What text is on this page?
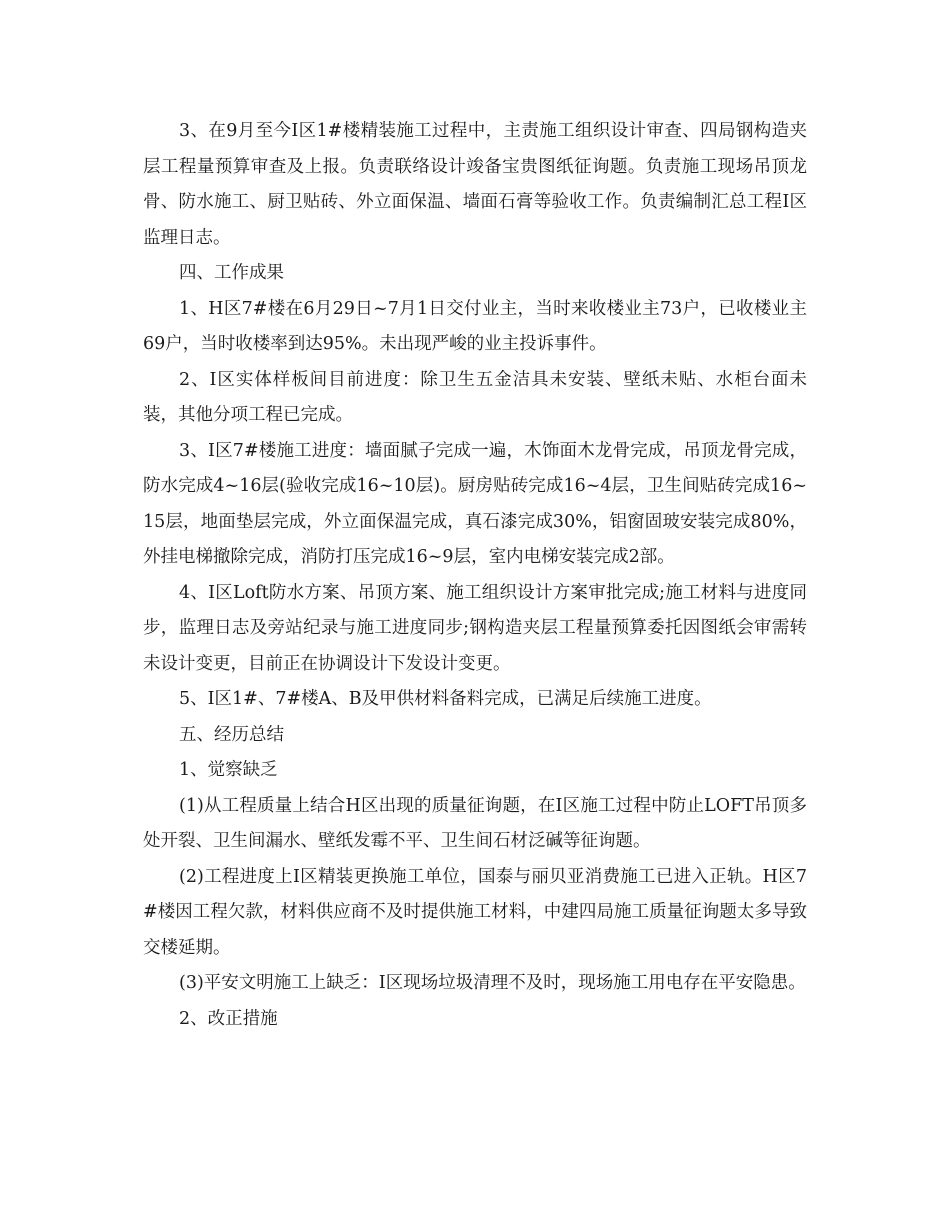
3、在9月至今I区1#楼精装施工过程中，主责施工组织设计审查、四局钢构造夹层工程量预算审查及上报。负责联络设计竣备宝贵图纸征询题。负责施工现场吊顶龙骨、防水施工、厨卫贴砖、外立面保温、墙面石膏等验收工作。负责编制汇总工程I区监理日志。

四、工作成果

1、H区7#楼在6月29日~7月1日交付业主，当时来收楼业主73户，已收楼业主69户，当时收楼率到达95%。未出现严峻的业主投诉事件。

2、I区实体样板间目前进度：除卫生五金洁具未安装、壁纸未贴、水柜台面未装，其他分项工程已完成。

3、I区7#楼施工进度：墙面腻子完成一遍，木饰面木龙骨完成，吊顶龙骨完成，防水完成4~16层(验收完成16~10层)。厨房贴砖完成16~4层，卫生间贴砖完成16~15层，地面垫层完成，外立面保温完成，真石漆完成30%，铝窗固玻安装完成80%，外挂电梯撤除完成，消防打压完成16~9层，室内电梯安装完成2部。

4、I区Loft防水方案、吊顶方案、施工组织设计方案审批完成;施工材料与进度同步，监理日志及旁站纪录与施工进度同步;钢构造夹层工程量预算委托因图纸会审需转未设计变更，目前正在协调设计下发设计变更。

5、I区1#、7#楼A、B及甲供材料备料完成，已满足后续施工进度。

五、经历总结

1、觉察缺乏

(1)从工程质量上结合H区出现的质量征询题，在I区施工过程中防止LOFT吊顶多处开裂、卫生间漏水、壁纸发霉不平、卫生间石材泛碱等征询题。

(2)工程进度上I区精装更换施工单位，国泰与丽贝亚消费施工已进入正轨。H区7#楼因工程欠款，材料供应商不及时提供施工材料，中建四局施工质量征询题太多导致交楼延期。

(3)平安文明施工上缺乏：I区现场垃圾清理不及时，现场施工用电存在平安隐患。

2、改正措施
